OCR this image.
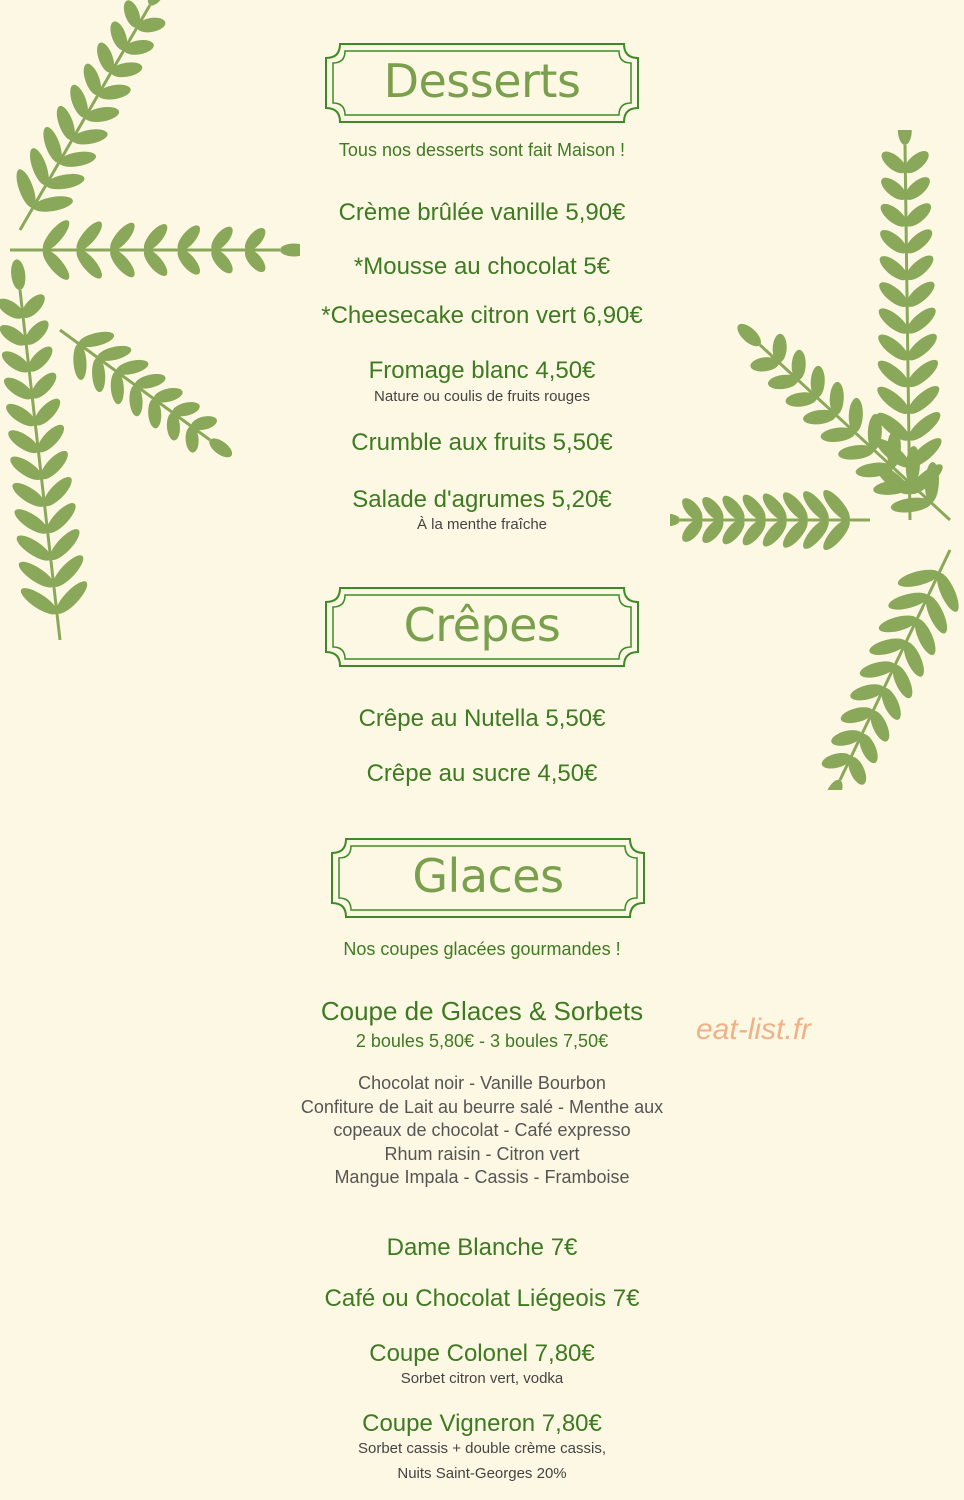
Desserts
Tous nos desserts sont fait Maison !
Crème brûlée vanille 5,90€
*Mousse au chocolat 5€
*Cheesecake citron vert 6,90€
Fromage blanc 4,50€
Nature ou coulis de fruits rouges
Crumble aux fruits 5,50€
Salade d'agrumes 5,20€
À la menthe fraîche
Crêpes
Crêpe au Nutella 5,50€
Crêpe au sucre 4,50€
Glaces
Nos coupes glacées gourmandes !
Coupe de Glaces & Sorbets
2 boules 5,80€ - 3 boules 7,50€
Chocolat noir - Vanille Bourbon
Confiture de Lait au beurre salé - Menthe aux
copeaux de chocolat - Café expresso
Rhum raisin - Citron vert
Mangue Impala - Cassis - Framboise
Dame Blanche 7€
Café ou Chocolat Liégeois 7€
Coupe Colonel 7,80€
Sorbet citron vert, vodka
Coupe Vigneron 7,80€
Sorbet cassis + double crème cassis,
Nuits Saint-Georges 20%
eat-list.fr
